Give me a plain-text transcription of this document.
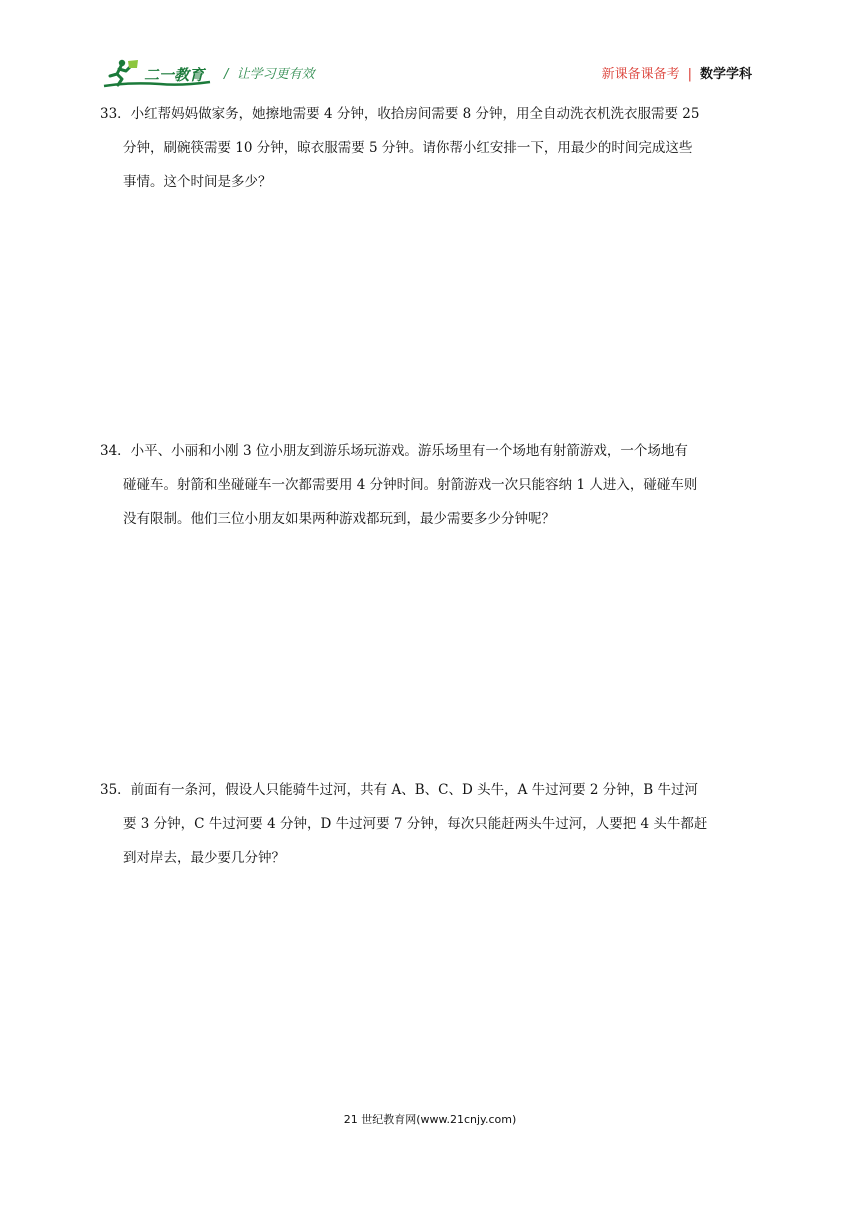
二一教育 /  让学习更有效	新课备课备考 | 数学学科
33．小红帮妈妈做家务，她擦地需要 4 分钟，收拾房间需要 8 分钟，用全自动洗衣机洗衣服需要 25
分钟，刷碗筷需要 10 分钟，晾衣服需要 5 分钟。请你帮小红安排一下，用最少的时间完成这些
事情。这个时间是多少？
34．小平、小丽和小刚 3 位小朋友到游乐场玩游戏。游乐场里有一个场地有射箭游戏，一个场地有
碰碰车。射箭和坐碰碰车一次都需要用 4 分钟时间。射箭游戏一次只能容纳 1 人进入，碰碰车则
没有限制。他们三位小朋友如果两种游戏都玩到，最少需要多少分钟呢？
35．前面有一条河，假设人只能骑牛过河，共有 A、B、C、D 头牛，A 牛过河要 2 分钟，B 牛过河
要 3 分钟，C 牛过河要 4 分钟，D 牛过河要 7 分钟，每次只能赶两头牛过河，人要把 4 头牛都赶
到对岸去，最少要几分钟？
21 世纪教育网(www.21cnjy.com)
